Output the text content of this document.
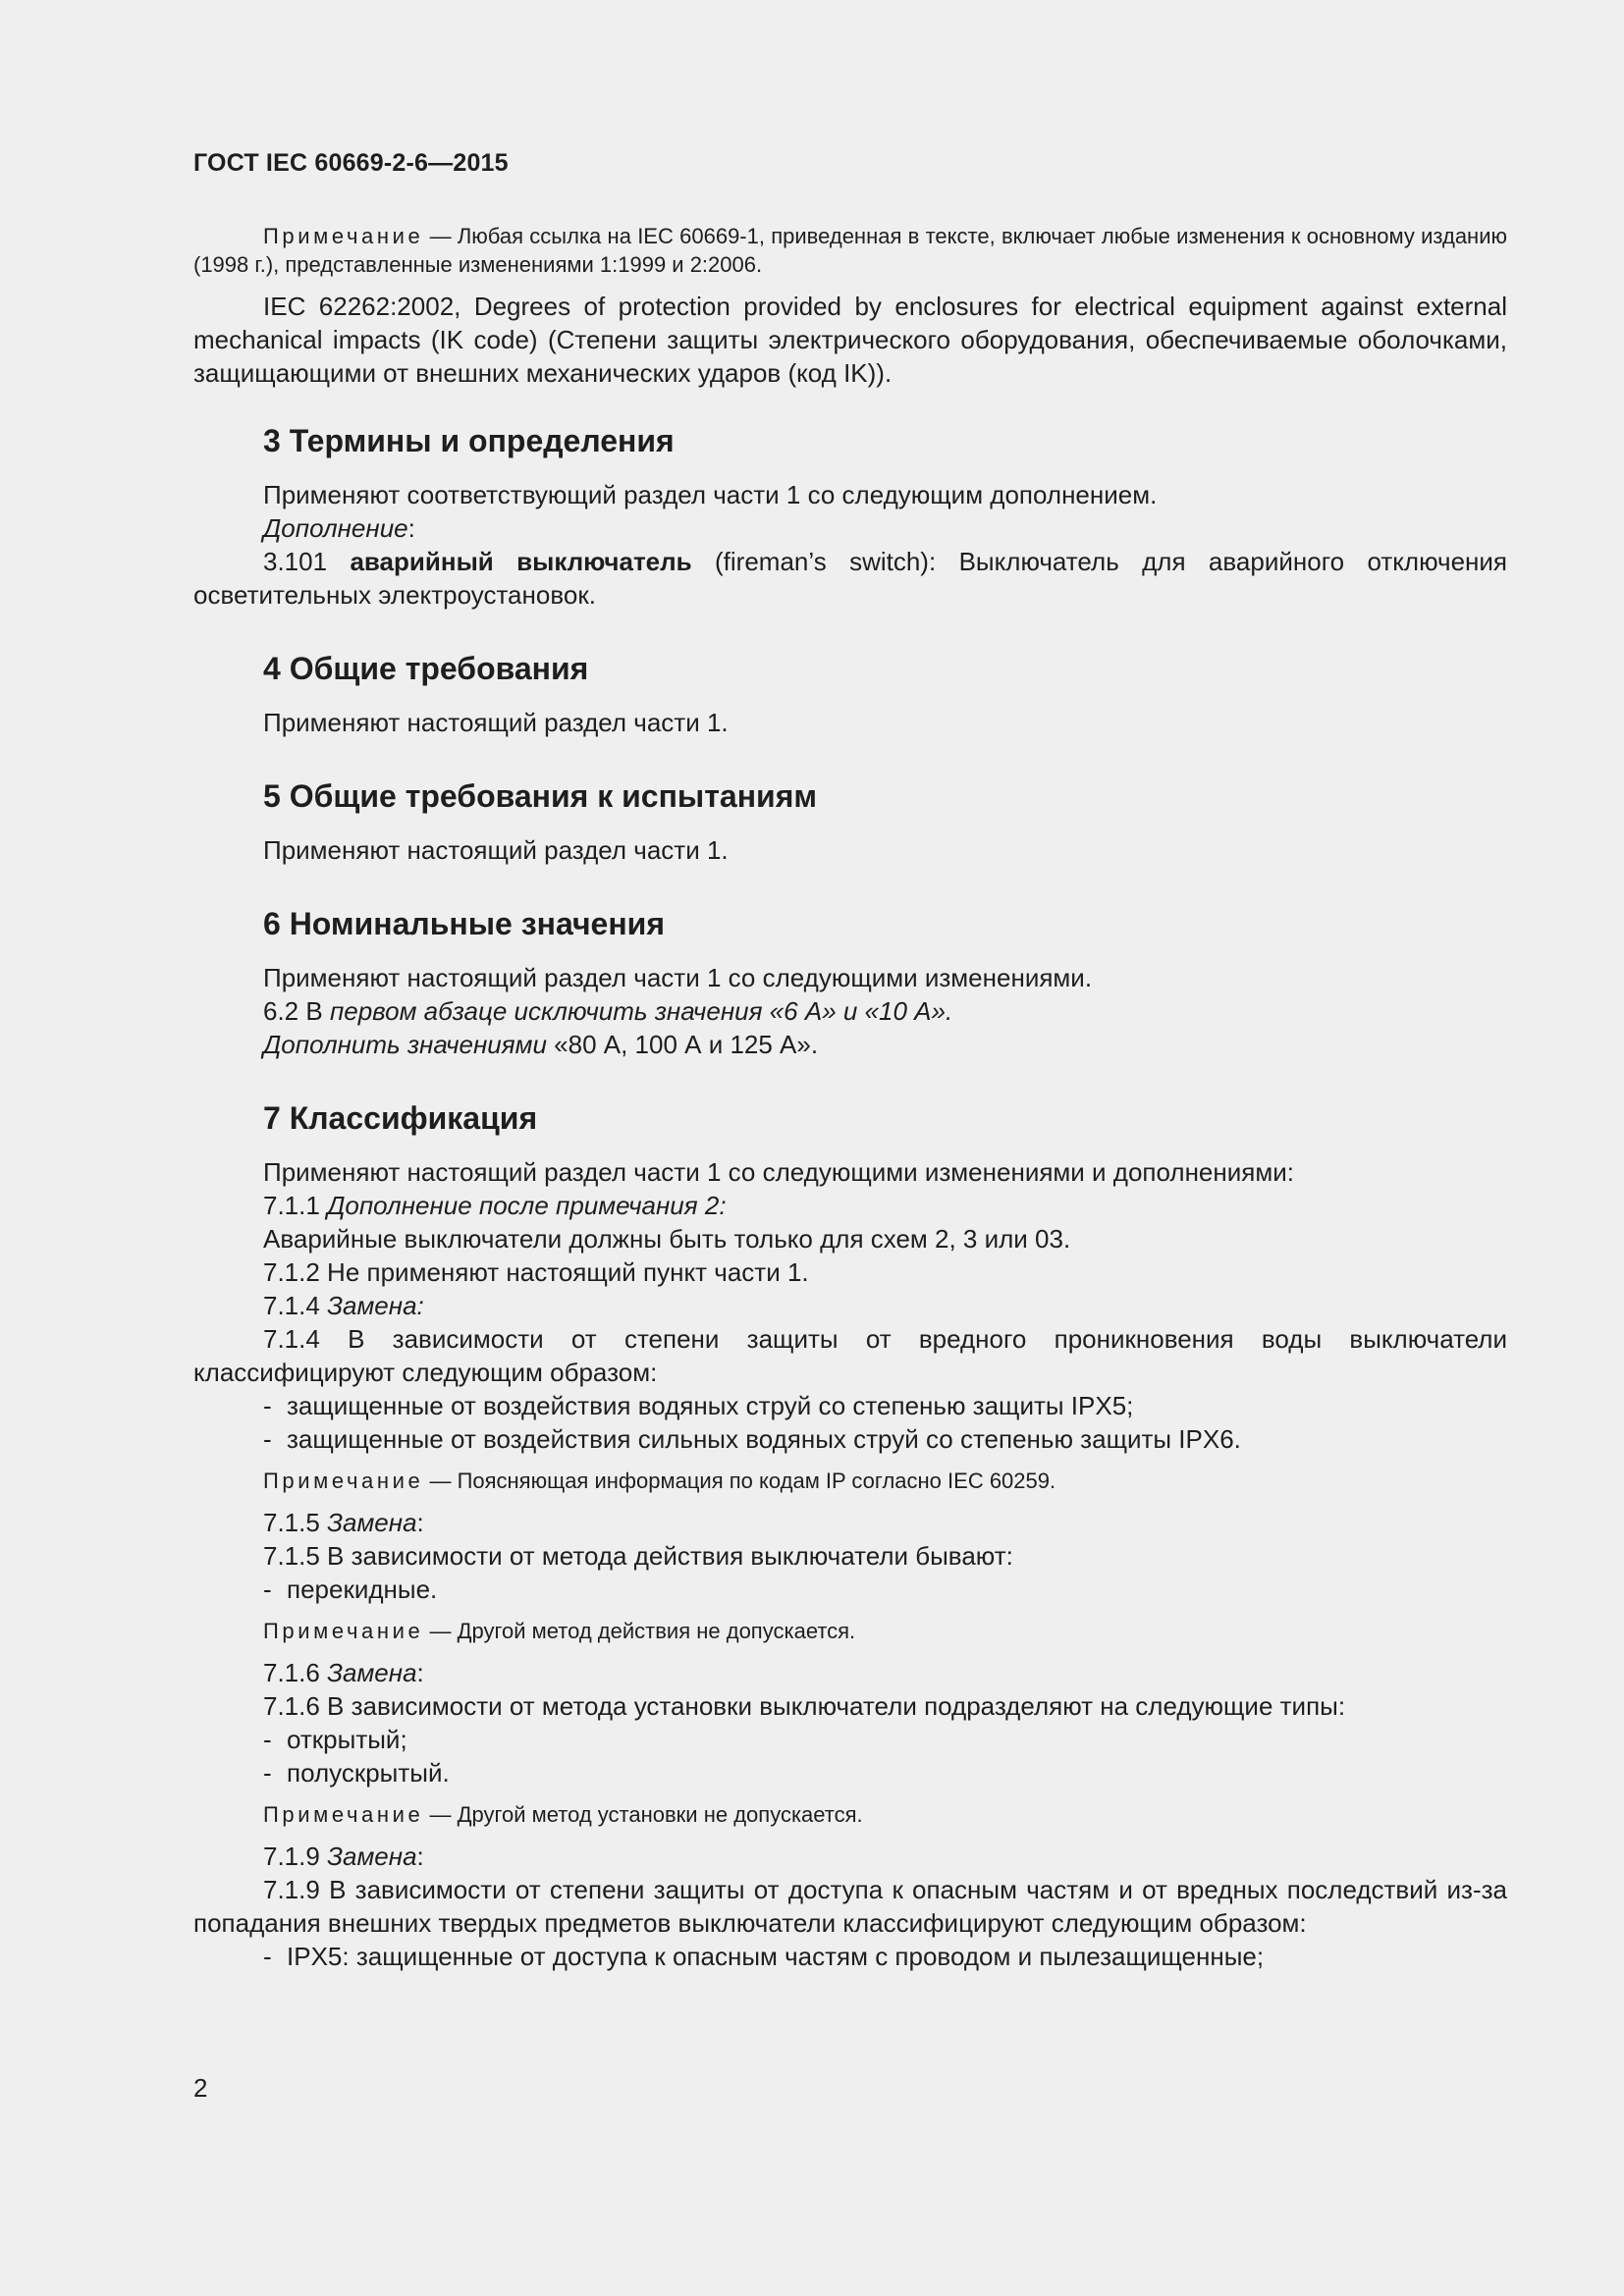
ГОСТ IEC 60669-2-6—2015

Примечание — Любая ссылка на IEC 60669-1, приведенная в тексте, включает любые изменения к основному изданию (1998 г.), представленные изменениями 1:1999 и 2:2006.

IEC 62262:2002, Degrees of protection provided by enclosures for electrical equipment against external mechanical impacts (IK code) (Степени защиты электрического оборудования, обеспечиваемые оболочками, защищающими от внешних механических ударов (код IK)).

3 Термины и определения

Применяют соответствующий раздел части 1 со следующим дополнением.

Дополнение:

3.101 аварийный выключатель (fireman’s switch): Выключатель для аварийного отключения осветительных электроустановок.

4 Общие требования

Применяют настоящий раздел части 1.

5 Общие требования к испытаниям

Применяют настоящий раздел части 1.

6 Номинальные значения

Применяют настоящий раздел части 1 со следующими изменениями.

6.2 В первом абзаце исключить значения «6 А» и «10 А».

Дополнить значениями «80 А, 100 А и 125 А».

7 Классификация

Применяют настоящий раздел части 1 со следующими изменениями и дополнениями:

7.1.1 Дополнение после примечания 2:

Аварийные выключатели должны быть только для схем 2, 3 или 03.

7.1.2 Не применяют настоящий пункт части 1.

7.1.4 Замена:

7.1.4 В зависимости от степени защиты от вредного проникновения воды выключатели классифицируют следующим образом:

- защищенные от воздействия водяных струй со степенью защиты IPX5;

- защищенные от воздействия сильных водяных струй со степенью защиты IPX6.

Примечание — Поясняющая информация по кодам IP согласно IEC 60259.

7.1.5 Замена:

7.1.5 В зависимости от метода действия выключатели бывают:

- перекидные.

Примечание — Другой метод действия не допускается.

7.1.6 Замена:

7.1.6 В зависимости от метода установки выключатели подразделяют на следующие типы:

- открытый;

- полускрытый.

Примечание — Другой метод установки не допускается.

7.1.9 Замена:

7.1.9 В зависимости от степени защиты от доступа к опасным частям и от вредных последствий из-за попадания внешних твердых предметов выключатели классифицируют следующим образом:

- IPX5: защищенные от доступа к опасным частям с проводом и пылезащищенные;

2
